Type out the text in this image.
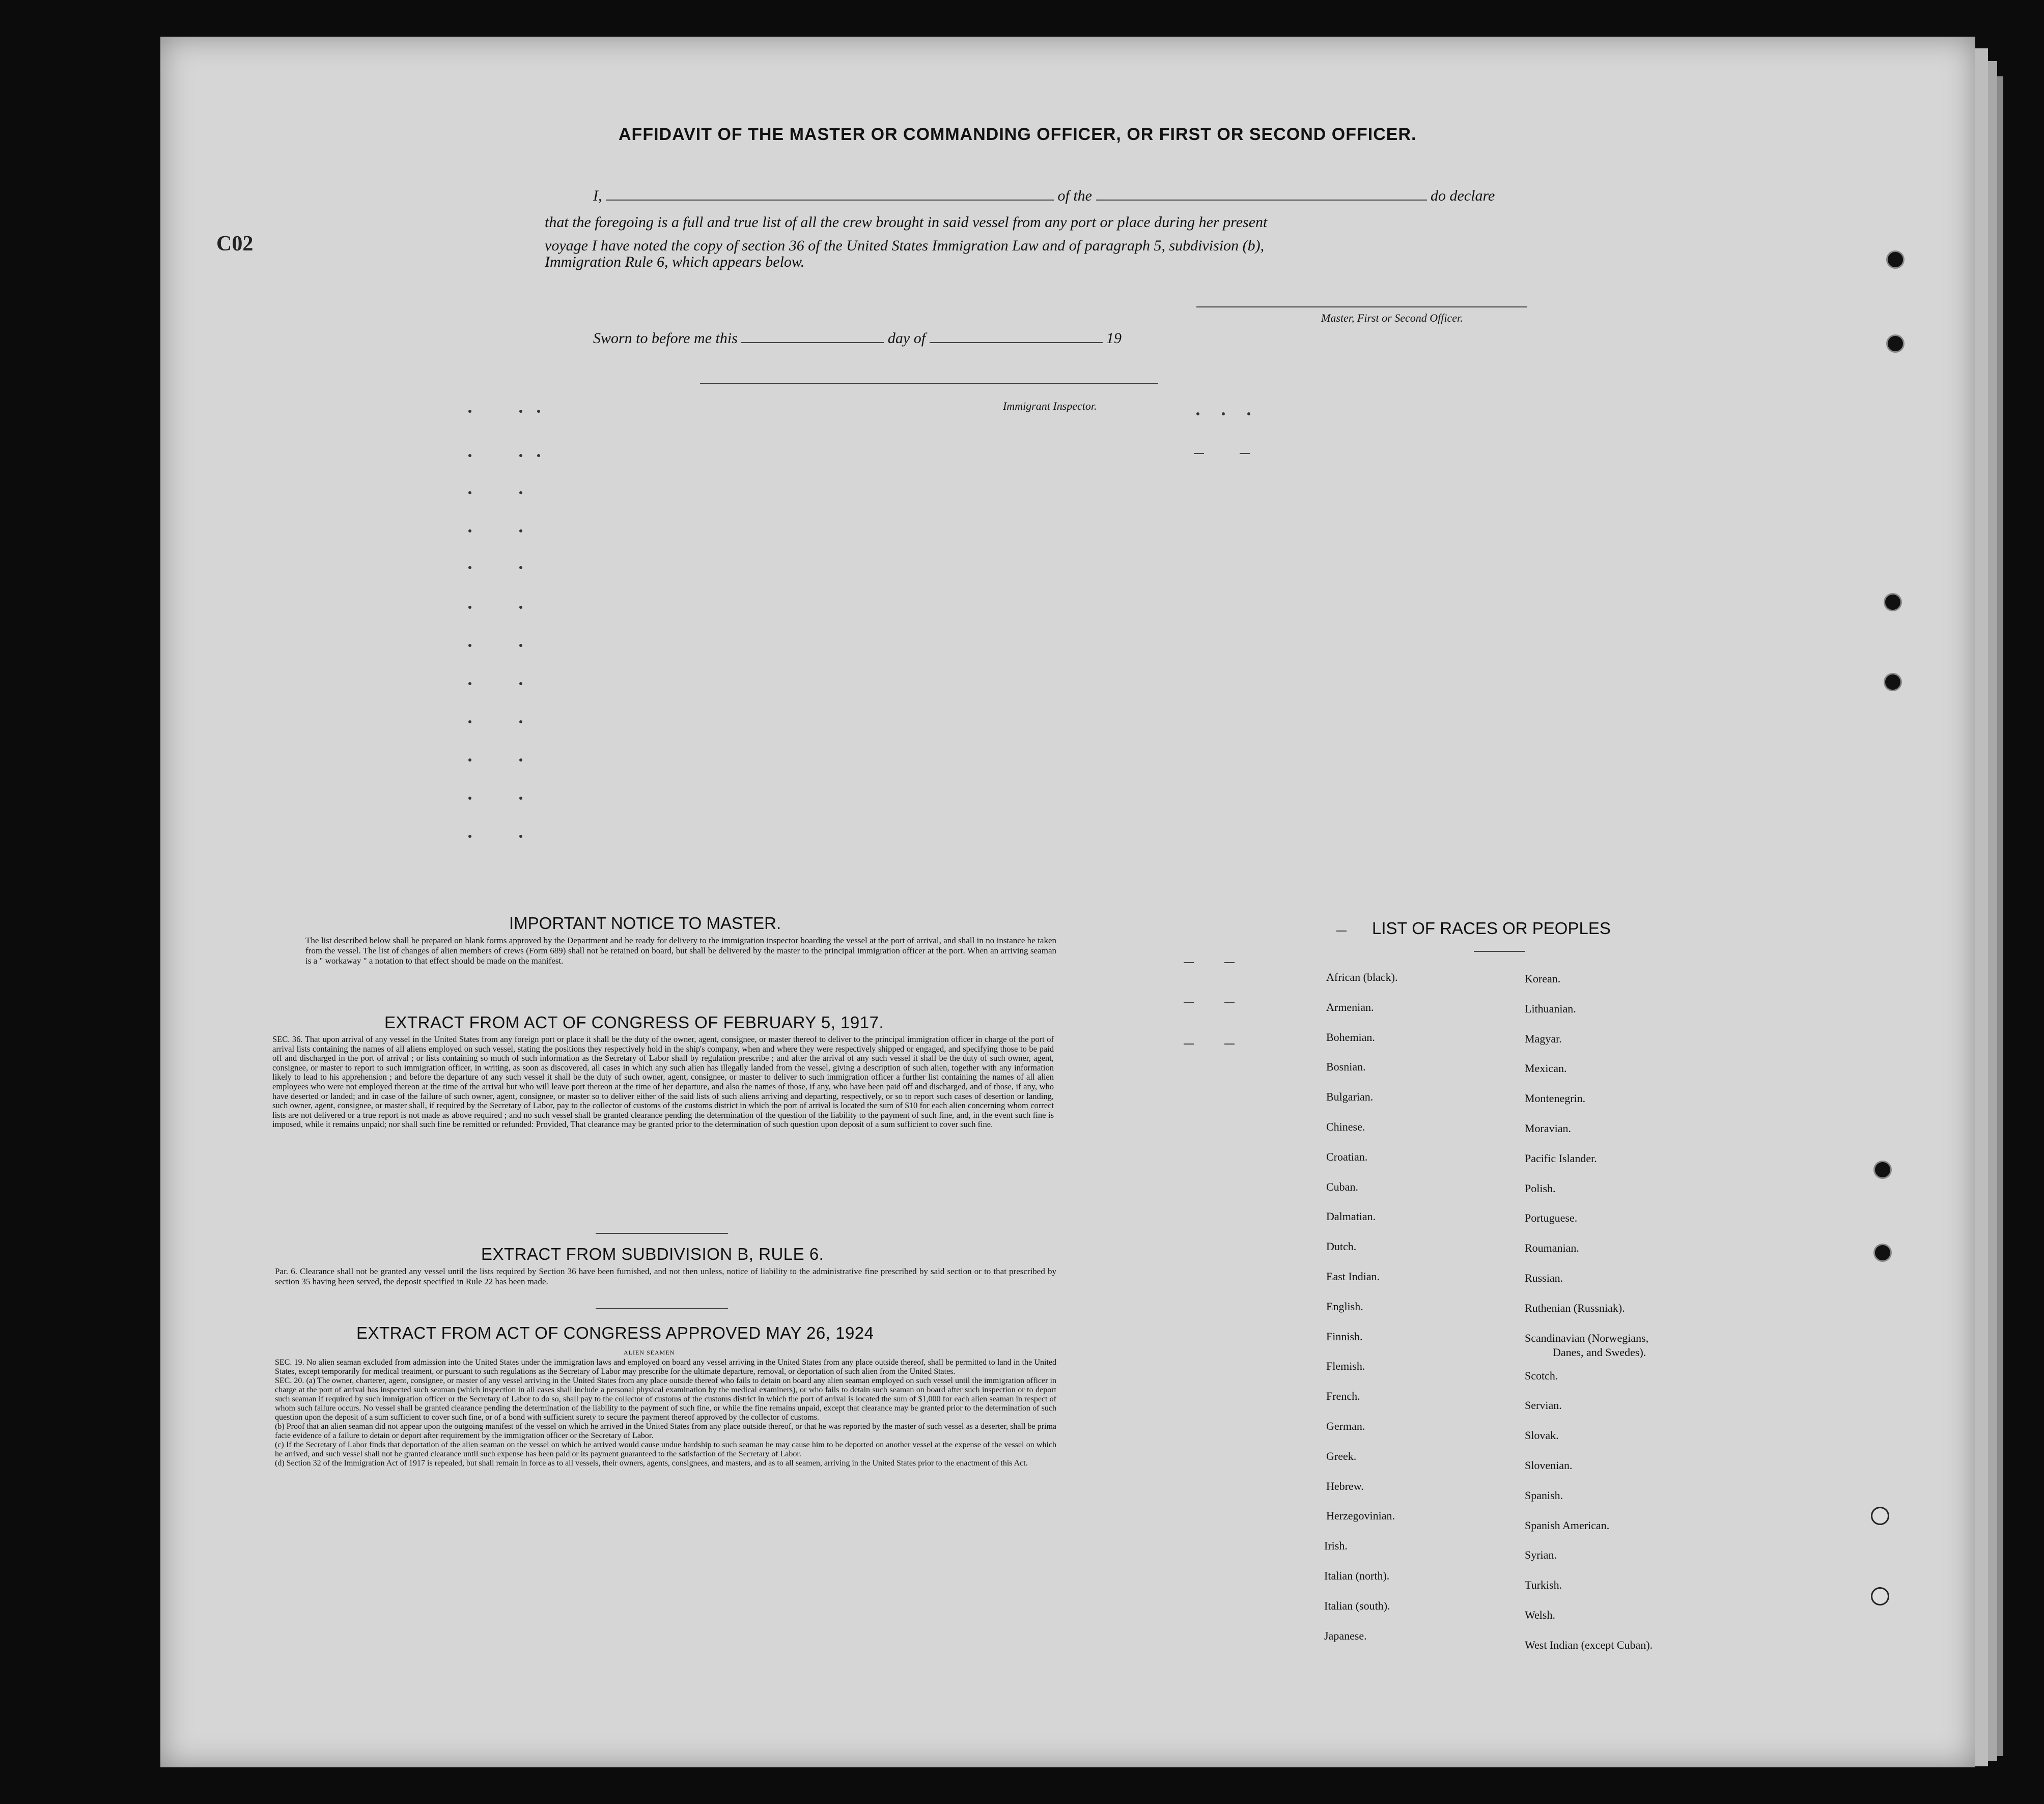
C02
AFFIDAVIT OF THE MASTER OR COMMANDING OFFICER, OR FIRST OR SECOND OFFICER.
I,	of the	do declare
that the foregoing is a full and true list of all the crew brought in said vessel from any port or place during her present
voyage I have noted the copy of section 36 of the United States Immigration Law and of paragraph 5, subdivision (b),
Immigration Rule 6, which appears below.
Master, First or Second Officer.
Sworn to before me this	day of	19
Immigrant Inspector.
IMPORTANT NOTICE TO MASTER.
The list described below shall be prepared on blank forms approved by the Department and be ready for delivery to the immigration inspector boarding the vessel at the port of arrival, and shall in no instance be taken from the vessel. The list of changes of alien members of crews (Form 689) shall not be retained on board, but shall be delivered by the master to the principal immigration officer at the port. When an arriving seaman is a " workaway " a notation to that effect should be made on the manifest.
EXTRACT FROM ACT OF CONGRESS OF FEBRUARY 5, 1917.
SEC. 36. That upon arrival of any vessel in the United States from any foreign port or place it shall be the duty of the owner, agent, consignee, or master thereof to deliver to the principal immigration officer in charge of the port of arrival lists containing the names of all aliens employed on such vessel, stating the positions they respectively hold in the ship's company, when and where they were respectively shipped or engaged, and specifying those to be paid off and discharged in the port of arrival ; or lists containing so much of such information as the Secretary of Labor shall by regulation prescribe ; and after the arrival of any such vessel it shall be the duty of such owner, agent, consignee, or master to report to such immigration officer, in writing, as soon as discovered, all cases in which any such alien has illegally landed from the vessel, giving a description of such alien, together with any information likely to lead to his apprehension ; and before the departure of any such vessel it shall be the duty of such owner, agent, consignee, or master to deliver to such immigration officer a further list containing the names of all alien employees who were not employed thereon at the time of the arrival but who will leave port thereon at the time of her departure, and also the names of those, if any, who have been paid off and discharged, and of those, if any, who have deserted or landed; and in case of the failure of such owner, agent, consignee, or master so to deliver either of the said lists of such aliens arriving and departing, respectively, or so to report such cases of desertion or landing, such owner, agent, consignee, or master shall, if required by the Secretary of Labor, pay to the collector of customs of the customs district in which the port of arrival is located the sum of $10 for each alien concerning whom correct lists are not delivered or a true report is not made as above required ; and no such vessel shall be granted clearance pending the determination of the question of the liability to the payment of such fine, and, in the event such fine is imposed, while it remains unpaid; nor shall such fine be remitted or refunded: Provided, That clearance may be granted prior to the determination of such question upon deposit of a sum sufficient to cover such fine.
EXTRACT FROM SUBDIVISION B, RULE 6.
Par. 6. Clearance shall not be granted any vessel until the lists required by Section 36 have been furnished, and not then unless, notice of liability to the administrative fine prescribed by said section or to that prescribed by section 35 having been served, the deposit specified in Rule 22 has been made.
EXTRACT FROM ACT OF CONGRESS APPROVED MAY 26, 1924
ALIEN SEAMEN
SEC. 19. No alien seaman excluded from admission into the United States under the immigration laws and employed on board any vessel arriving in the United States from any place outside thereof, shall be permitted to land in the United States, except temporarily for medical treatment, or pursuant to such regulations as the Secretary of Labor may prescribe for the ultimate departure, removal, or deportation of such alien from the United States.
SEC. 20. (a) The owner, charterer, agent, consignee, or master of any vessel arriving in the United States from any place outside thereof who fails to detain on board any alien seaman employed on such vessel until the immigration officer in charge at the port of arrival has inspected such seaman (which inspection in all cases shall include a personal physical examination by the medical examiners), or who fails to detain such seaman on board after such inspection or to deport such seaman if required by such immigration officer or the Secretary of Labor to do so, shall pay to the collector of customs of the customs district in which the port of arrival is located the sum of $1,000 for each alien seaman in respect of whom such failure occurs. No vessel shall be granted clearance pending the determination of the liability to the payment of such fine, or while the fine remains unpaid, except that clearance may be granted prior to the determination of such question upon the deposit of a sum sufficient to cover such fine, or of a bond with sufficient surety to secure the payment thereof approved by the collector of customs.
(b) Proof that an alien seaman did not appear upon the outgoing manifest of the vessel on which he arrived in the United States from any place outside thereof, or that he was reported by the master of such vessel as a deserter, shall be prima facie evidence of a failure to detain or deport after requirement by the immigration officer or the Secretary of Labor.
(c) If the Secretary of Labor finds that deportation of the alien seaman on the vessel on which he arrived would cause undue hardship to such seaman he may cause him to be deported on another vessel at the expense of the vessel on which he arrived, and such vessel shall not be granted clearance until such expense has been paid or its payment guaranteed to the satisfaction of the Secretary of Labor.
(d) Section 32 of the Immigration Act of 1917 is repealed, but shall remain in force as to all vessels, their owners, agents, consignees, and masters, and as to all seamen, arriving in the United States prior to the enactment of this Act.
LIST OF RACES OR PEOPLES
African (black).
Armenian.
Bohemian.
Bosnian.
Bulgarian.
Chinese.
Croatian.
Cuban.
Dalmatian.
Dutch.
East Indian.
English.
Finnish.
Flemish.
French.
German.
Greek.
Hebrew.
Herzegovinian.
Irish.
Italian (north).
Italian (south).
Japanese.
Korean.
Lithuanian.
Magyar.
Mexican.
Montenegrin.
Moravian.
Pacific Islander.
Polish.
Portuguese.
Roumanian.
Russian.
Ruthenian (Russniak).
Scandinavian (Norwegians,
Danes, and Swedes).
Scotch.
Servian.
Slovak.
Slovenian.
Spanish.
Spanish American.
Syrian.
Turkish.
Welsh.
West Indian (except Cuban).
